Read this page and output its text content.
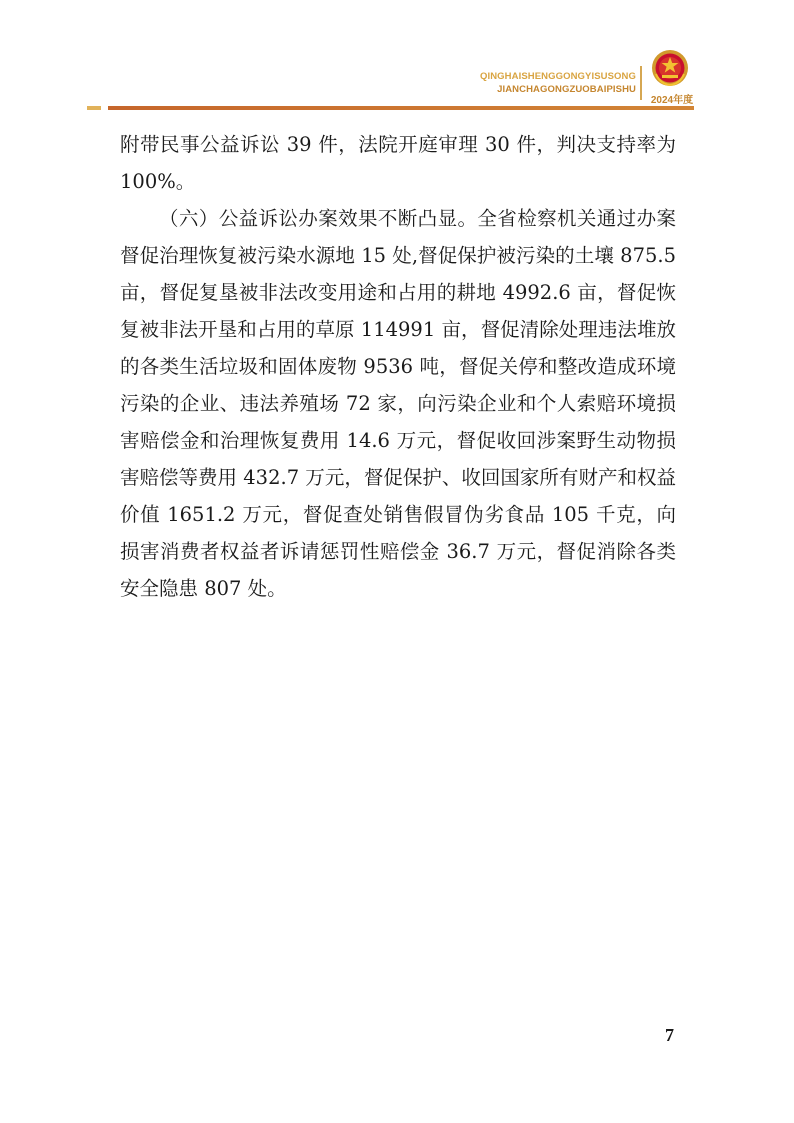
QINGHAISHENGGONGYISUSONG
JIANCHAGONGZUOBAIPISHU
2024年度

附带民事公益诉讼 39 件，法院开庭审理 30 件，判决支持率为 100%。

（六）公益诉讼办案效果不断凸显。全省检察机关通过办案督促治理恢复被污染水源地 15 处,督促保护被污染的土壤 875.5 亩，督促复垦被非法改变用途和占用的耕地 4992.6 亩，督促恢复被非法开垦和占用的草原 114991 亩，督促清除处理违法堆放的各类生活垃圾和固体废物 9536 吨，督促关停和整改造成环境污染的企业、违法养殖场 72 家，向污染企业和个人索赔环境损害赔偿金和治理恢复费用 14.6 万元，督促收回涉案野生动物损害赔偿等费用 432.7 万元，督促保护、收回国家所有财产和权益价值 1651.2 万元，督促查处销售假冒伪劣食品 105 千克，向损害消费者权益者诉请惩罚性赔偿金 36.7 万元，督促消除各类安全隐患 807 处。

7
